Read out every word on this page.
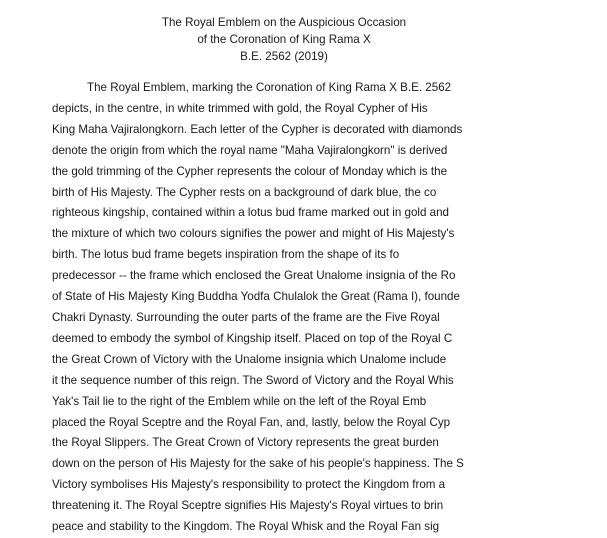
The Royal Emblem on the Auspicious Occasion
of the Coronation of King Rama X
B.E. 2562 (2019)
The Royal Emblem, marking the Coronation of King Rama X B.E. 2562
depicts, in the centre, in white trimmed with gold, the Royal Cypher of His
King Maha Vajiralongkorn. Each letter of the Cypher is decorated with diamonds
denote the origin from which the royal name "Maha Vajiralongkorn" is derived
the gold trimming of the Cypher represents the colour of Monday which is the
birth of His Majesty. The Cypher rests on a background of dark blue, the co
righteous kingship, contained within a lotus bud frame marked out in gold and
the mixture of which two colours signifies the power and might of His Majesty's
birth. The lotus bud frame begets inspiration from the shape of its fo
predecessor -- the frame which enclosed the Great Unalome insignia of the Ro
of State of His Majesty King Buddha Yodfa Chulalok the Great (Rama I), founde
Chakri Dynasty. Surrounding the outer parts of the frame are the Five Royal
deemed to embody the symbol of Kingship itself. Placed on top of the Royal C
the Great Crown of Victory with the Unalome insignia which Unalome include
it the sequence number of this reign. The Sword of Victory and the Royal Whis
Yak's Tail lie to the right of the Emblem while on the left of the Royal Emb
placed the Royal Sceptre and the Royal Fan, and, lastly, below the Royal Cyp
the Royal Slippers. The Great Crown of Victory represents the great burden
down on the person of His Majesty for the sake of his people's happiness. The S
Victory symbolises His Majesty's responsibility to protect the Kingdom from a
threatening it. The Royal Sceptre signifies His Majesty's Royal virtues to brin
peace and stability to the Kingdom. The Royal Whisk and the Royal Fan sig
